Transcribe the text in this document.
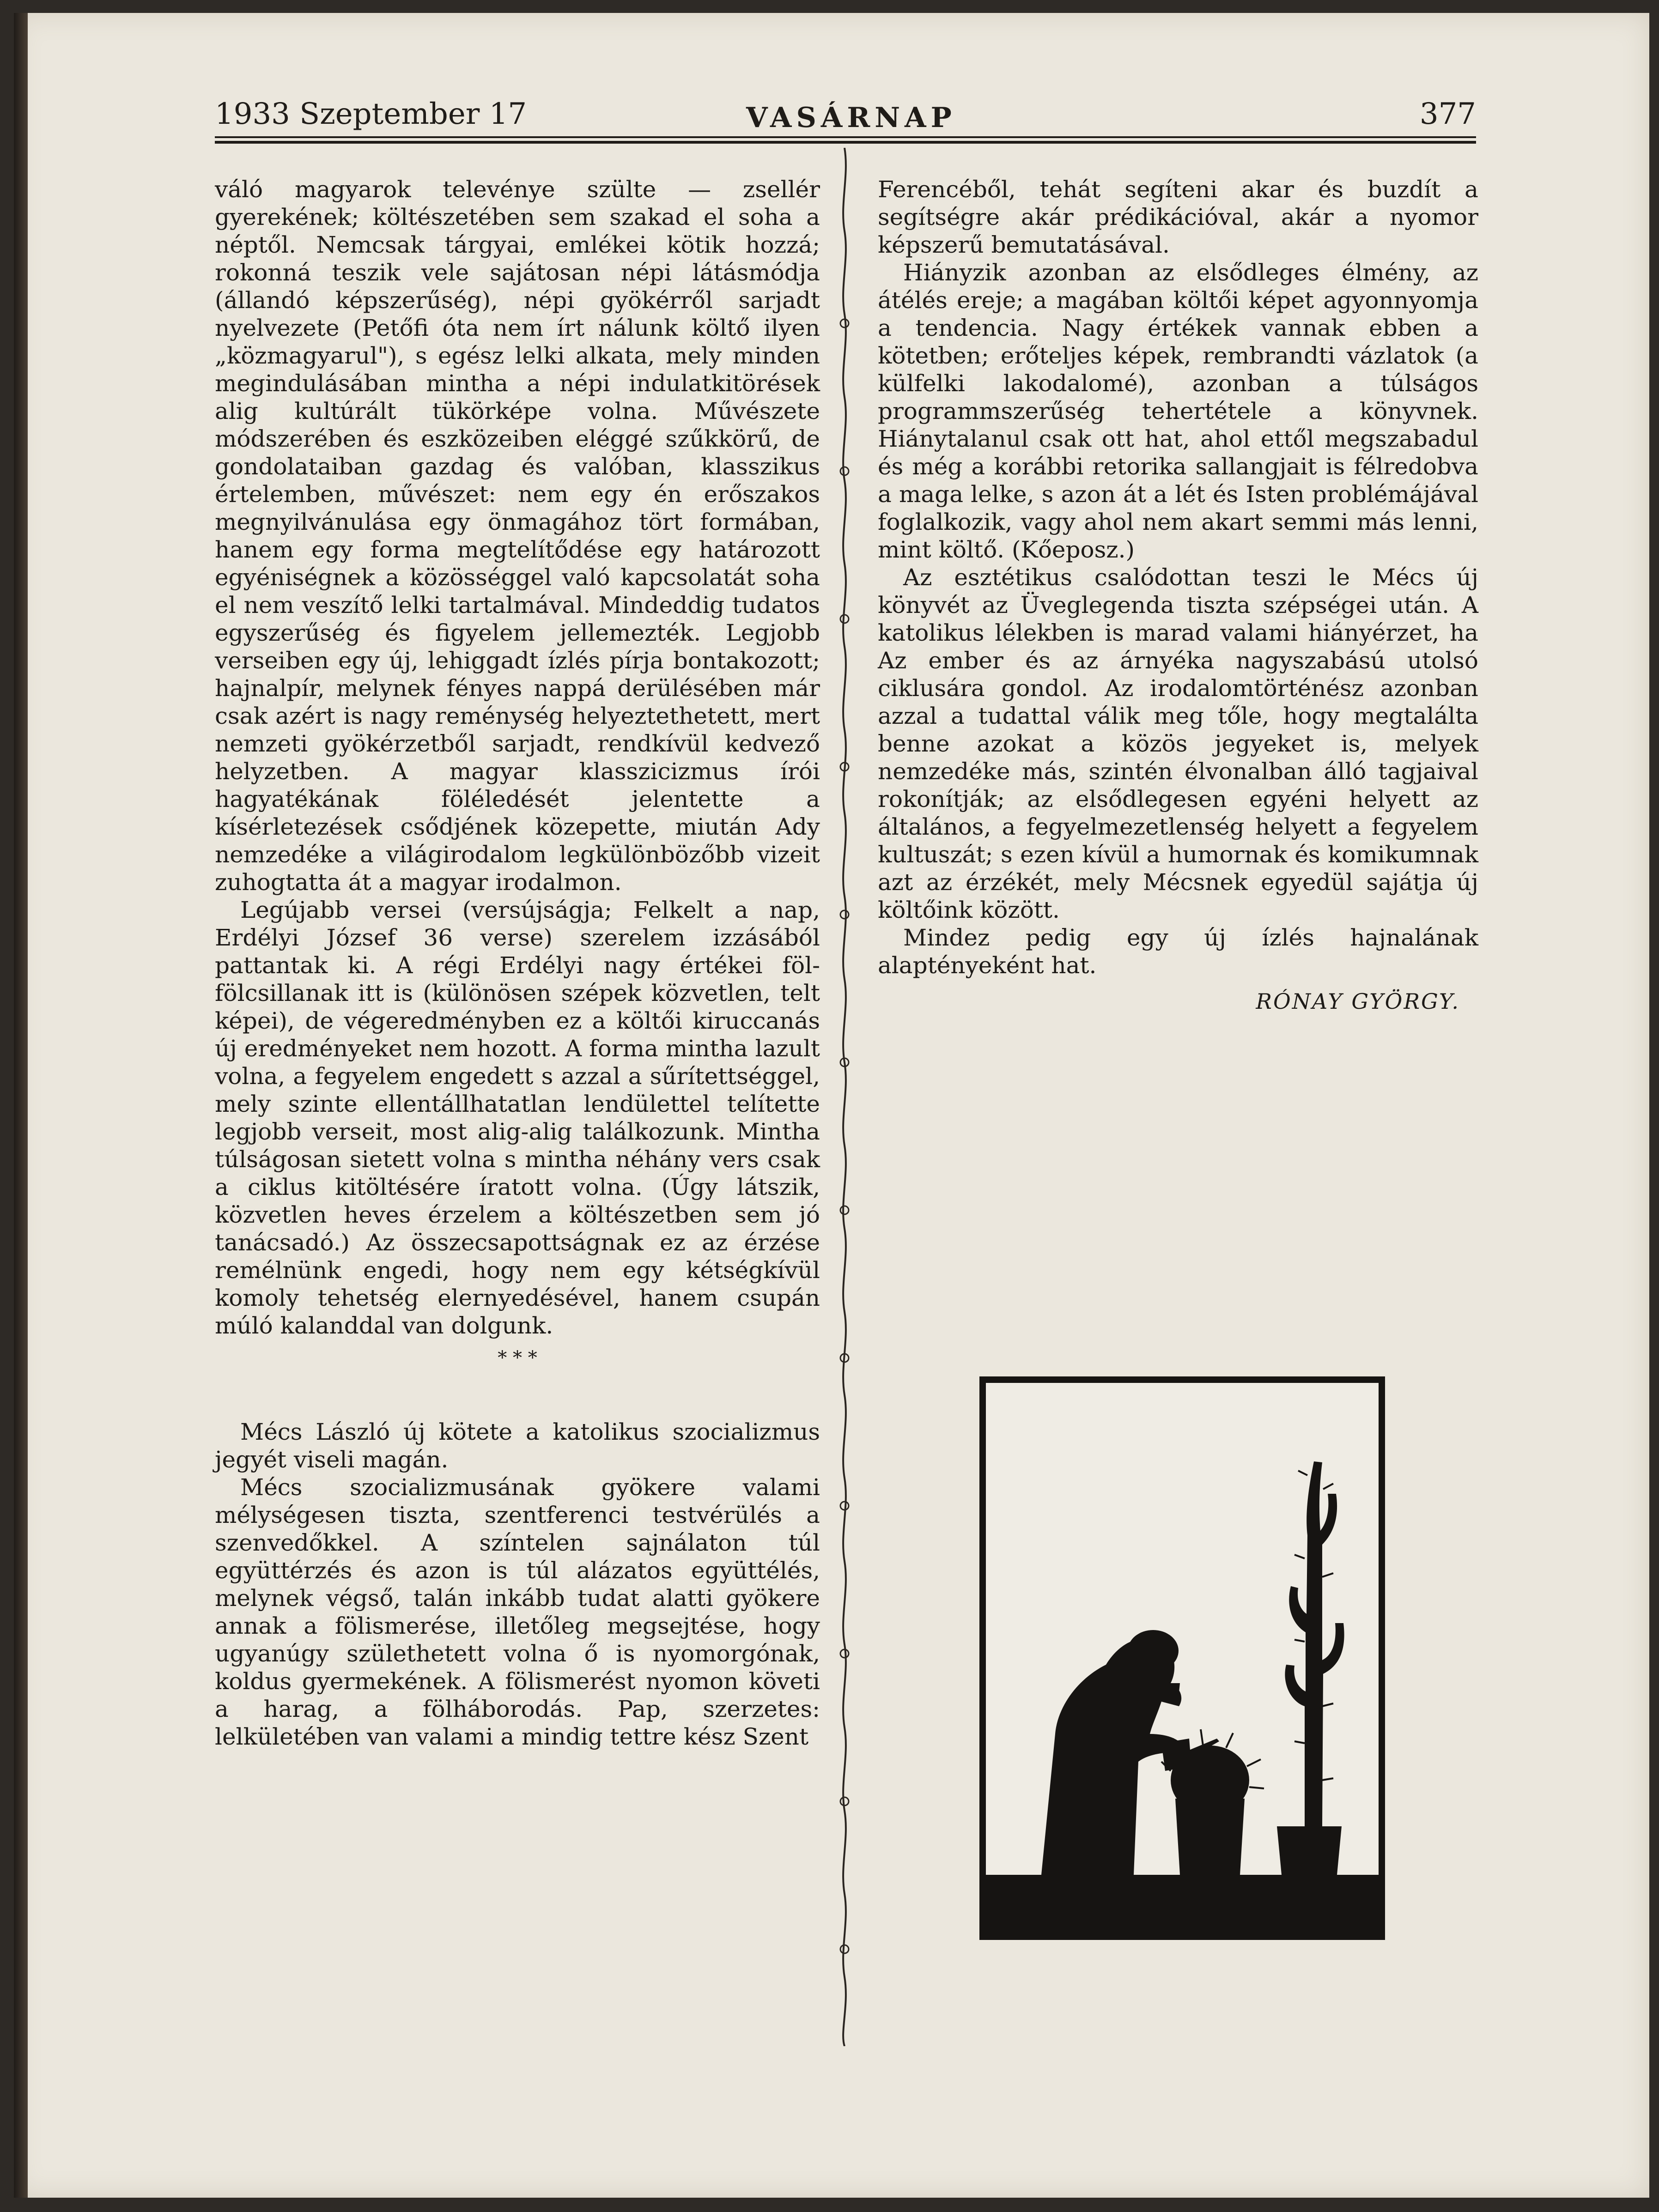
1933 Szeptember 17	VASÁRNAP	377

váló magyarok televénye szülte — zsellér gyerekének; költészetében sem szakad el soha a néptől. Nemcsak tárgyai, emlékei kötik hozzá; rokonná teszik vele sajátosan népi látásmódja (állandó képszerűség), népi gyökérről sarjadt nyelvezete (Petőfi óta nem írt nálunk költő ilyen „közmagyarul"), s egész lelki alkata, mely minden megindulásában mintha a népi indulatkitörések alig kultúrált tükörképe volna. Művészete módszerében és eszközeiben eléggé szűkkörű, de gondolataiban gazdag és valóban, klasszikus értelemben, művészet: nem egy én erőszakos megnyilvánulása egy önmagához tört formában, hanem egy forma megtelítődése egy határozott egyéniségnek a közösséggel való kapcsolatát soha el nem veszítő lelki tartalmával. Mindeddig tudatos egyszerűség és figyelem jellemezték. Legjobb verseiben egy új, lehiggadt ízlés pírja bontakozott; hajnalpír, melynek fényes nappá derülésében már csak azért is nagy reménység helyeztethetett, mert nemzeti gyökérzetből sarjadt, rendkívül kedvező helyzetben. A magyar klasszicizmus írói hagyatékának föléledését jelentette a kísérletezések csődjének közepette, miután Ady nemzedéke a világirodalom legkülönbözőbb vizeit zuhogtatta át a magyar irodalmon.

Legújabb versei (versújságja; Felkelt a nap, Erdélyi József 36 verse) szerelem izzásából pattantak ki. A régi Erdélyi nagy értékei föl-fölcsillanak itt is (különösen szépek közvetlen, telt képei), de végeredményben ez a költői kiruccanás új eredményeket nem hozott. A forma mintha lazult volna, a fegyelem engedett s azzal a sűrítettséggel, mely szinte ellentállhatatlan lendülettel telítette legjobb verseit, most alig-alig találkozunk. Mintha túlságosan sietett volna s mintha néhány vers csak a ciklus kitöltésére íratott volna. (Úgy látszik, közvetlen heves érzelem a költészetben sem jó tanácsadó.) Az összecsapottságnak ez az érzése remélnünk engedi, hogy nem egy kétségkívül komoly tehetség elernyedésével, hanem csupán múló kalanddal van dolgunk.

* * *

Mécs László új kötete a katolikus szocializmus jegyét viseli magán.

Mécs szocializmusának gyökere valami mélységesen tiszta, szentferenci testvérülés a szenvedőkkel. A színtelen sajnálaton túl együttérzés és azon is túl alázatos együttélés, melynek végső, talán inkább tudat alatti gyökere annak a fölismerése, illetőleg megsejtése, hogy ugyanúgy születhetett volna ő is nyomorgónak, koldus gyermekének. A fölismerést nyomon követi a harag, a fölháborodás. Pap, szerzetes: lelkületében van valami a mindig tettre kész Szent

Ferencéből, tehát segíteni akar és buzdít a segítségre akár prédikációval, akár a nyomor képszerű bemutatásával.

Hiányzik azonban az elsődleges élmény, az átélés ereje; a magában költői képet agyonnyomja a tendencia. Nagy értékek vannak ebben a kötetben; erőteljes képek, rembrandti vázlatok (a külfelki lakodalomé), azonban a túlságos programmszerűség tehertétele a könyvnek. Hiánytalanul csak ott hat, ahol ettől megszabadul és még a korábbi retorika sallangjait is félredobva a maga lelke, s azon át a lét és Isten problémájával foglalkozik, vagy ahol nem akart semmi más lenni, mint költő. (Kőeposz.)

Az esztétikus csalódottan teszi le Mécs új könyvét az Üveglegenda tiszta szépségei után. A katolikus lélekben is marad valami hiányérzet, ha Az ember és az árnyéka nagyszabású utolsó ciklusára gondol. Az irodalomtörténész azonban azzal a tudattal válik meg tőle, hogy megtalálta benne azokat a közös jegyeket is, melyek nemzedéke más, szintén élvonalban álló tagjaival rokonítják; az elsődlegesen egyéni helyett az általános, a fegyelmezetlenség helyett a fegyelem kultuszát; s ezen kívül a humornak és komikumnak azt az érzékét, mely Mécsnek egyedül sajátja új költőink között.

Mindez pedig egy új ízlés hajnalának alaptényeként hat.

RÓNAY GYÖRGY.
